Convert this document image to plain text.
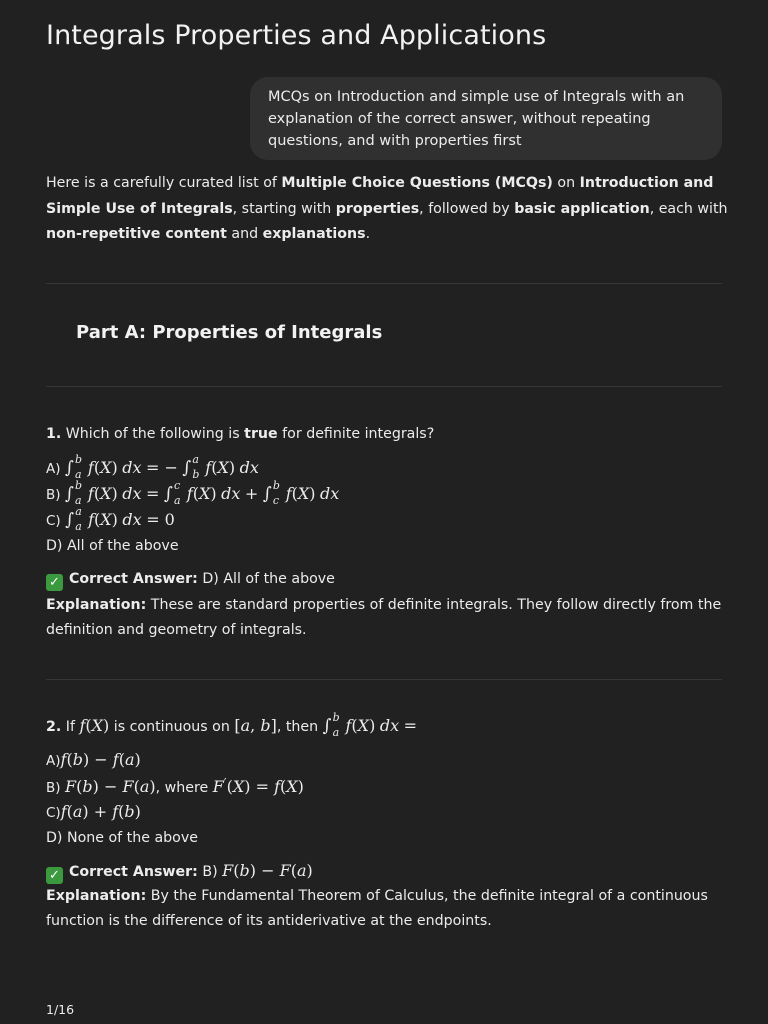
Integrals Properties and Applications
MCQs on Introduction and simple use of Integrals with an explanation of the correct answer, without repeating questions, and with properties first
Here is a carefully curated list of Multiple Choice Questions (MCQs) on Introduction and Simple Use of Integrals, starting with properties, followed by basic application, each with non-repetitive content and explanations.
Part A: Properties of Integrals
1. Which of the following is true for definite integrals?
A) ∫ b
a f(X) dx = − ∫ a
b f(X) dx
B) ∫ b
a f(X) dx = ∫ c
a f(X) dx + ∫ b
c f(X) dx
C) ∫ a
a f(X) dx = 0
D) All of the above
✓ Correct Answer: D) All of the above
Explanation: These are standard properties of definite integrals. They follow directly from the definition and geometry of integrals.
2. If f(X) is continuous on [a, b], then ∫ b
a f(X) dx =
A)f(b) − f(a)
B) F(b) − F(a), where F′(X) = f(X)
C)f(a) + f(b)
D) None of the above
✓ Correct Answer: B) F(b) − F(a)
Explanation: By the Fundamental Theorem of Calculus, the definite integral of a continuous function is the difference of its antiderivative at the endpoints.
1/16
